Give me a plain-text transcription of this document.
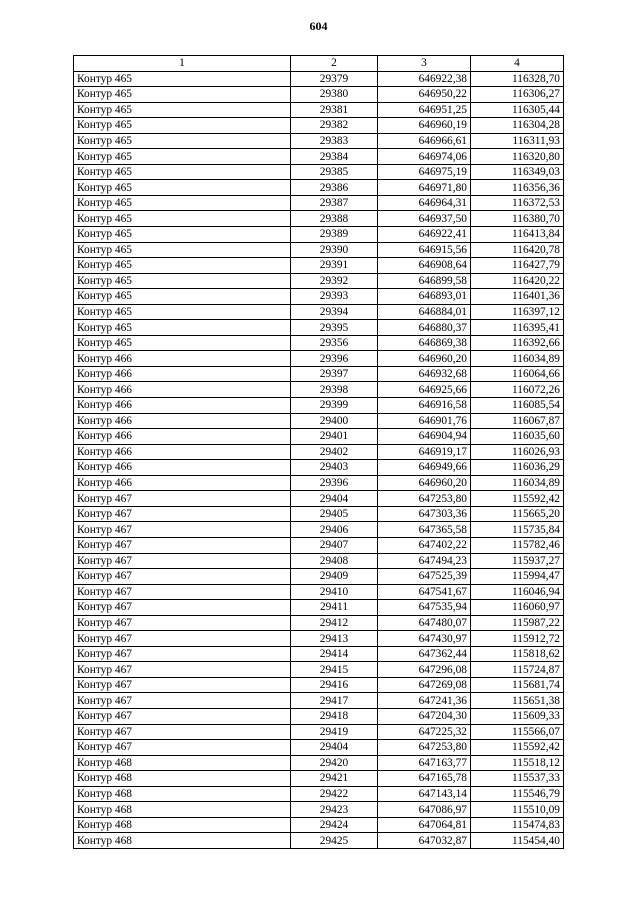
604
1	2	3	4
Контур 465	29379	646922,38	116328,70
Контур 465	29380	646950,22	116306,27
Контур 465	29381	646951,25	116305,44
Контур 465	29382	646960,19	116304,28
Контур 465	29383	646966,61	116311,93
Контур 465	29384	646974,06	116320,80
Контур 465	29385	646975,19	116349,03
Контур 465	29386	646971,80	116356,36
Контур 465	29387	646964,31	116372,53
Контур 465	29388	646937,50	116380,70
Контур 465	29389	646922,41	116413,84
Контур 465	29390	646915,56	116420,78
Контур 465	29391	646908,64	116427,79
Контур 465	29392	646899,58	116420,22
Контур 465	29393	646893,01	116401,36
Контур 465	29394	646884,01	116397,12
Контур 465	29395	646880,37	116395,41
Контур 465	29356	646869,38	116392,66
Контур 466	29396	646960,20	116034,89
Контур 466	29397	646932,68	116064,66
Контур 466	29398	646925,66	116072,26
Контур 466	29399	646916,58	116085,54
Контур 466	29400	646901,76	116067,87
Контур 466	29401	646904,94	116035,60
Контур 466	29402	646919,17	116026,93
Контур 466	29403	646949,66	116036,29
Контур 466	29396	646960,20	116034,89
Контур 467	29404	647253,80	115592,42
Контур 467	29405	647303,36	115665,20
Контур 467	29406	647365,58	115735,84
Контур 467	29407	647402,22	115782,46
Контур 467	29408	647494,23	115937,27
Контур 467	29409	647525,39	115994,47
Контур 467	29410	647541,67	116046,94
Контур 467	29411	647535,94	116060,97
Контур 467	29412	647480,07	115987,22
Контур 467	29413	647430,97	115912,72
Контур 467	29414	647362,44	115818,62
Контур 467	29415	647296,08	115724,87
Контур 467	29416	647269,08	115681,74
Контур 467	29417	647241,36	115651,38
Контур 467	29418	647204,30	115609,33
Контур 467	29419	647225,32	115566,07
Контур 467	29404	647253,80	115592,42
Контур 468	29420	647163,77	115518,12
Контур 468	29421	647165,78	115537,33
Контур 468	29422	647143,14	115546,79
Контур 468	29423	647086,97	115510,09
Контур 468	29424	647064,81	115474,83
Контур 468	29425	647032,87	115454,40
